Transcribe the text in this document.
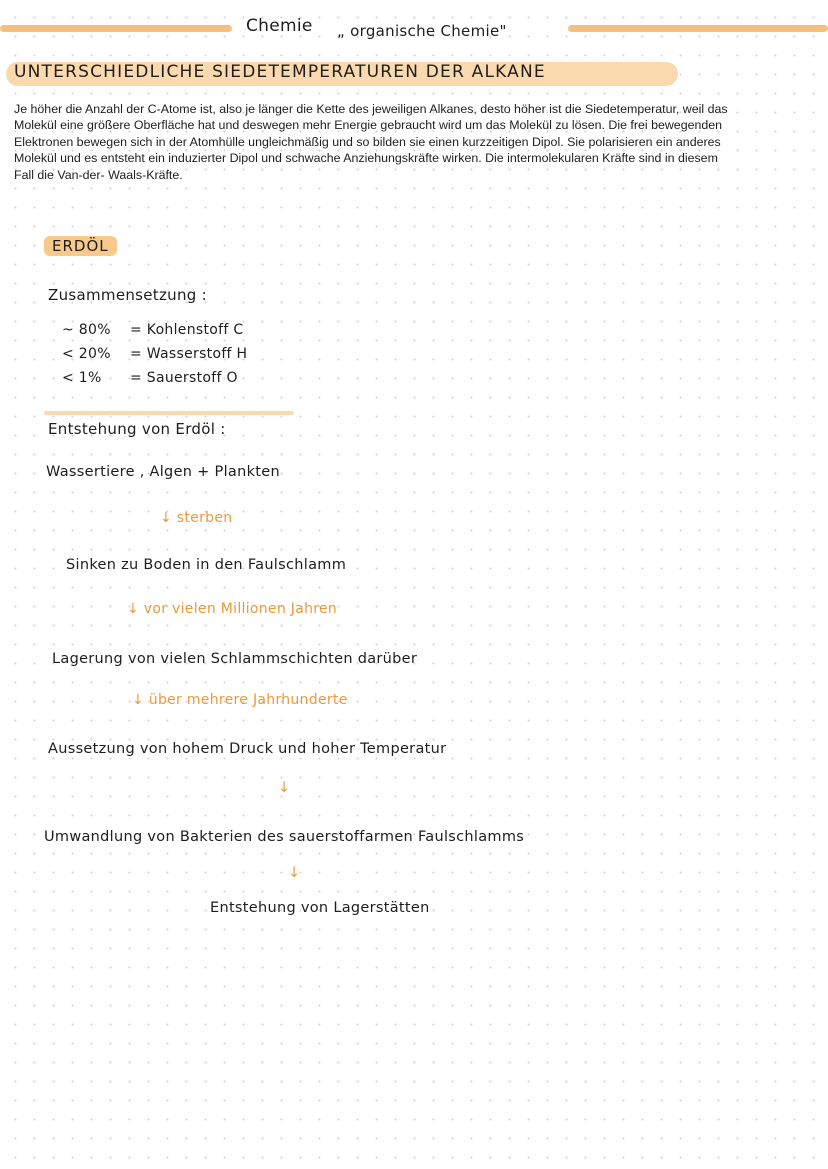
Chemie „ organische Chemie"
UNTERSCHIEDLICHE SIEDETEMPERATUREN DER ALKANE
Je höher die Anzahl der C-Atome ist, also je länger die Kette des jeweiligen Alkanes, desto höher ist die Siedetemperatur, weil das Molekül eine größere Oberfläche hat und deswegen mehr Energie gebraucht wird um das Molekül zu lösen. Die frei bewegenden Elektronen bewegen sich in der Atomhülle ungleichmäßig und so bilden sie einen kurzzeitigen Dipol. Sie polarisieren ein anderes Molekül und es entsteht ein induzierter Dipol und schwache Anziehungskräfte wirken. Die intermolekularen Kräfte sind in diesem Fall die Van-der- Waals-Kräfte.
ERDÖL
Zusammensetzung :
~ 80% = Kohlenstoff C
< 20% = Wasserstoff H
< 1% = Sauerstoff O
Entstehung von Erdöl :
Wassertiere , Algen + Plankten
↓ sterben
Sinken zu Boden in den Faulschlamm
↓ vor vielen Millionen Jahren
Lagerung von vielen Schlammschichten darüber
↓ über mehrere Jahrhunderte
Aussetzung von hohem Druck und hoher Temperatur
↓
Umwandlung von Bakterien des sauerstoffarmen Faulschlamms
↓
Entstehung von Lagerstätten
